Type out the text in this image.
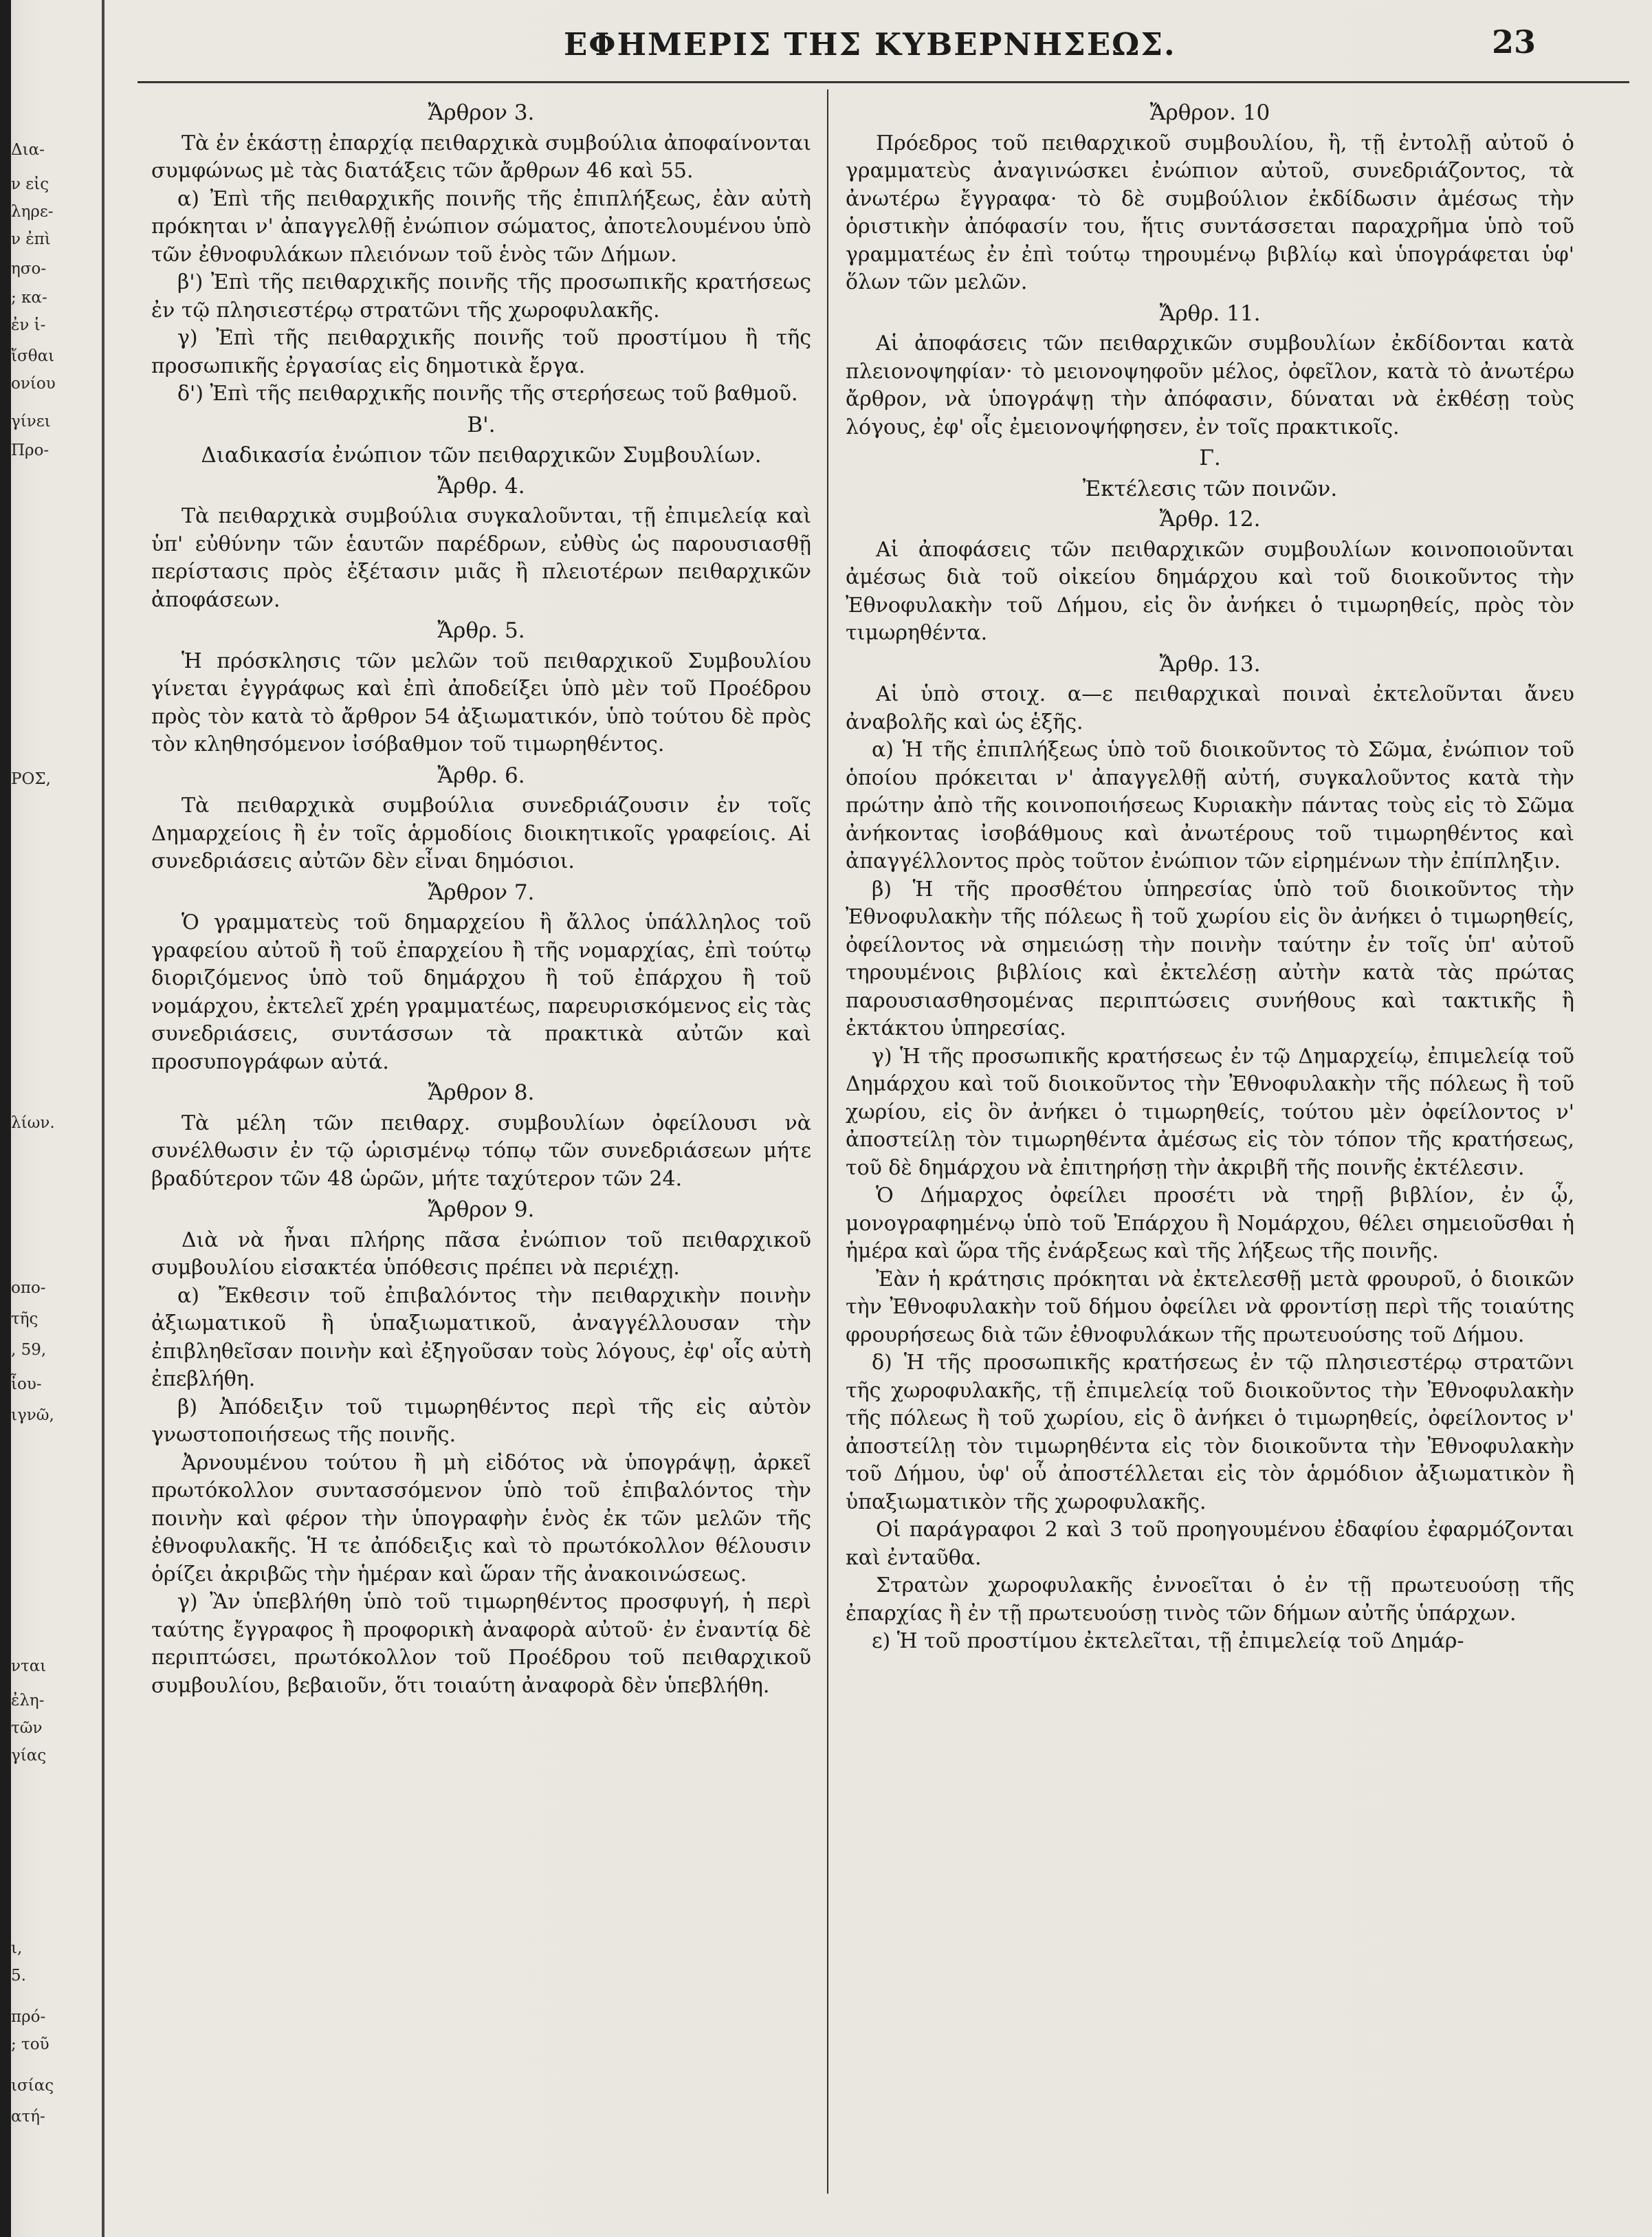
Δια-
ν εἰς
ληρε-
ν ἐπὶ
ησο-
; κα-
ἐν ἱ-
ἴσθαι
ονίου
γίνει
Προ-
ΡΟΣ,
λίων.
οπο-
τῆς
, 59,
ἶου-
ιγνῶ,
νται
ἐλη-
τῶν
γίας
ι,
5.
πρό-
; τοῦ
ισίας
ατή-
ΕΦΗΜΕΡΙΣ ΤΗΣ ΚΥΒΕΡΝΗΣΕΩΣ.	23
Ἄρθρον 3.

Τὰ ἐν ἑκάστῃ ἐπαρχίᾳ πειθαρχικὰ συμβούλια ἀποφαίνονται συμφώνως μὲ τὰς διατάξεις τῶν ἄρθρων 46 καὶ 55.

α) Ἐπὶ τῆς πειθαρχικῆς ποινῆς τῆς ἐπιπλήξεως, ἐὰν αὐτὴ πρόκηται ν' ἀπαγγελθῇ ἐνώπιον σώματος, ἀποτελουμένου ὑπὸ τῶν ἐθνοφυλάκων πλειόνων τοῦ ἑνὸς τῶν Δήμων.

β') Ἐπὶ τῆς πειθαρχικῆς ποινῆς τῆς προσωπικῆς κρατήσεως ἐν τῷ πλησιεστέρῳ στρατῶνι τῆς χωροφυλακῆς.

γ) Ἐπὶ τῆς πειθαρχικῆς ποινῆς τοῦ προστίμου ἢ τῆς προσωπικῆς ἐργασίας εἰς δημοτικὰ ἔργα.

δ') Ἐπὶ τῆς πειθαρχικῆς ποινῆς τῆς στερήσεως τοῦ βαθμοῦ.

Β'.
Διαδικασία ἐνώπιον τῶν πειθαρχικῶν Συμβουλίων.
Ἄρθρ. 4.

Τὰ πειθαρχικὰ συμβούλια συγκαλοῦνται, τῇ ἐπιμελείᾳ καὶ ὑπ' εὐθύνην τῶν ἑαυτῶν παρέδρων, εὐθὺς ὡς παρουσιασθῇ περίστασις πρὸς ἐξέτασιν μιᾶς ἢ πλειοτέρων πειθαρχικῶν ἀποφάσεων.

Ἄρθρ. 5.

Ἡ πρόσκλησις τῶν μελῶν τοῦ πειθαρχικοῦ Συμβουλίου γίνεται ἐγγράφως καὶ ἐπὶ ἀποδείξει ὑπὸ μὲν τοῦ Προέδρου πρὸς τὸν κατὰ τὸ ἄρθρον 54 ἀξιωματικόν, ὑπὸ τούτου δὲ πρὸς τὸν κληθησόμενον ἰσόβαθμον τοῦ τιμωρηθέντος.

Ἄρθρ. 6.

Τὰ πειθαρχικὰ συμβούλια συνεδριάζουσιν ἐν τοῖς Δημαρχείοις ἢ ἐν τοῖς ἁρμοδίοις διοικητικοῖς γραφείοις. Αἱ συνεδριάσεις αὐτῶν δὲν εἶναι δημόσιοι.

Ἄρθρον 7.

Ὁ γραμματεὺς τοῦ δημαρχείου ἢ ἄλλος ὑπάλληλος τοῦ γραφείου αὐτοῦ ἢ τοῦ ἐπαρχείου ἢ τῆς νομαρχίας, ἐπὶ τούτῳ διοριζόμενος ὑπὸ τοῦ δημάρχου ἢ τοῦ ἐπάρχου ἢ τοῦ νομάρχου, ἐκτελεῖ χρέη γραμματέως, παρευρισκόμενος εἰς τὰς συνεδριάσεις, συντάσσων τὰ πρακτικὰ αὐτῶν καὶ προσυπογράφων αὐτά.

Ἄρθρον 8.

Τὰ μέλη τῶν πειθαρχ. συμβουλίων ὀφείλουσι νὰ συνέλθωσιν ἐν τῷ ὡρισμένῳ τόπῳ τῶν συνεδριάσεων μήτε βραδύτερον τῶν 48 ὡρῶν, μήτε ταχύτερον τῶν 24.

Ἄρθρον 9.

Διὰ νὰ ἦναι πλήρης πᾶσα ἐνώπιον τοῦ πειθαρχικοῦ συμβουλίου εἰσακτέα ὑπόθεσις πρέπει νὰ περιέχῃ.

α) Ἔκθεσιν τοῦ ἐπιβαλόντος τὴν πειθαρχικὴν ποινὴν ἀξιωματικοῦ ἢ ὑπαξιωματικοῦ, ἀναγγέλλουσαν τὴν ἐπιβληθεῖσαν ποινὴν καὶ ἐξηγοῦσαν τοὺς λόγους, ἐφ' οἷς αὐτὴ ἐπεβλήθη.

β) Ἀπόδειξιν τοῦ τιμωρηθέντος περὶ τῆς εἰς αὐτὸν γνωστοποιήσεως τῆς ποινῆς.

Ἀρνουμένου τούτου ἢ μὴ εἰδότος νὰ ὑπογράψῃ, ἀρκεῖ πρωτόκολλον συντασσόμενον ὑπὸ τοῦ ἐπιβαλόντος τὴν ποινὴν καὶ φέρον τὴν ὑπογραφὴν ἑνὸς ἐκ τῶν μελῶν τῆς ἐθνοφυλακῆς. Ἡ τε ἀπόδειξις καὶ τὸ πρωτόκολλον θέλουσιν ὁρίζει ἀκριβῶς τὴν ἡμέραν καὶ ὥραν τῆς ἀνακοινώσεως.

γ) Ἂν ὑπεβλήθη ὑπὸ τοῦ τιμωρηθέντος προσφυγή, ἡ περὶ ταύτης ἔγγραφος ἢ προφορικὴ ἀναφορὰ αὐτοῦ· ἐν ἐναντίᾳ δὲ περιπτώσει, πρωτόκολλον τοῦ Προέδρου τοῦ πειθαρχικοῦ συμβουλίου, βεβαιοῦν, ὅτι τοιαύτη ἀναφορὰ δὲν ὑπεβλήθη.

Ἄρθρον. 10

Πρόεδρος τοῦ πειθαρχικοῦ συμβουλίου, ἢ, τῇ ἐντολῇ αὐτοῦ ὁ γραμματεὺς ἀναγινώσκει ἐνώπιον αὐτοῦ, συνεδριάζοντος, τὰ ἀνωτέρω ἔγγραφα· τὸ δὲ συμβούλιον ἐκδίδωσιν ἀμέσως τὴν ὁριστικὴν ἀπόφασίν του, ἥτις συντάσσεται παραχρῆμα ὑπὸ τοῦ γραμματέως ἐν ἐπὶ τούτῳ τηρουμένῳ βιβλίῳ καὶ ὑπογράφεται ὑφ' ὅλων τῶν μελῶν.

Ἄρθρ. 11.

Αἱ ἀποφάσεις τῶν πειθαρχικῶν συμβουλίων ἐκδίδονται κατὰ πλειονοψηφίαν· τὸ μειονοψηφοῦν μέλος, ὀφεῖλον, κατὰ τὸ ἀνωτέρω ἄρθρον, νὰ ὑπογράψῃ τὴν ἀπόφασιν, δύναται νὰ ἐκθέσῃ τοὺς λόγους, ἐφ' οἷς ἐμειονοψήφησεν, ἐν τοῖς πρακτικοῖς.

Γ.
Ἐκτέλεσις τῶν ποινῶν.
Ἄρθρ. 12.

Αἱ ἀποφάσεις τῶν πειθαρχικῶν συμβουλίων κοινοποιοῦνται ἀμέσως διὰ τοῦ οἰκείου δημάρχου καὶ τοῦ διοικοῦντος τὴν Ἐθνοφυλακὴν τοῦ Δήμου, εἰς ὃν ἀνήκει ὁ τιμωρηθείς, πρὸς τὸν τιμωρηθέντα.

Ἄρθρ. 13.

Αἱ ὑπὸ στοιχ. α—ε πειθαρχικαὶ ποιναὶ ἐκτελοῦνται ἄνευ ἀναβολῆς καὶ ὡς ἑξῆς.

α) Ἡ τῆς ἐπιπλήξεως ὑπὸ τοῦ διοικοῦντος τὸ Σῶμα, ἐνώπιον τοῦ ὁποίου πρόκειται ν' ἀπαγγελθῇ αὐτή, συγκαλοῦντος κατὰ τὴν πρώτην ἀπὸ τῆς κοινοποιήσεως Κυριακὴν πάντας τοὺς εἰς τὸ Σῶμα ἀνήκοντας ἰσοβάθμους καὶ ἀνωτέρους τοῦ τιμωρηθέντος καὶ ἀπαγγέλλοντος πρὸς τοῦτον ἐνώπιον τῶν εἰρημένων τὴν ἐπίπληξιν.

β) Ἡ τῆς προσθέτου ὑπηρεσίας ὑπὸ τοῦ διοικοῦντος τὴν Ἐθνοφυλακὴν τῆς πόλεως ἢ τοῦ χωρίου εἰς ὃν ἀνήκει ὁ τιμωρηθείς, ὀφείλοντος νὰ σημειώσῃ τὴν ποινὴν ταύτην ἐν τοῖς ὑπ' αὐτοῦ τηρουμένοις βιβλίοις καὶ ἐκτελέσῃ αὐτὴν κατὰ τὰς πρώτας παρουσιασθησομένας περιπτώσεις συνήθους καὶ τακτικῆς ἢ ἐκτάκτου ὑπηρεσίας.

γ) Ἡ τῆς προσωπικῆς κρατήσεως ἐν τῷ Δημαρχείῳ, ἐπιμελείᾳ τοῦ Δημάρχου καὶ τοῦ διοικοῦντος τὴν Ἐθνοφυλακὴν τῆς πόλεως ἢ τοῦ χωρίου, εἰς ὃν ἀνήκει ὁ τιμωρηθείς, τούτου μὲν ὀφείλοντος ν' ἀποστείλῃ τὸν τιμωρηθέντα ἀμέσως εἰς τὸν τόπον τῆς κρατήσεως, τοῦ δὲ δημάρχου νὰ ἐπιτηρήσῃ τὴν ἀκριβῆ τῆς ποινῆς ἐκτέλεσιν.

Ὁ Δήμαρχος ὀφείλει προσέτι νὰ τηρῇ βιβλίον, ἐν ᾧ, μονογραφημένῳ ὑπὸ τοῦ Ἐπάρχου ἢ Νομάρχου, θέλει σημειοῦσθαι ἡ ἡμέρα καὶ ὥρα τῆς ἐνάρξεως καὶ τῆς λήξεως τῆς ποινῆς.

Ἐὰν ἡ κράτησις πρόκηται νὰ ἐκτελεσθῇ μετὰ φρουροῦ, ὁ διοικῶν τὴν Ἐθνοφυλακὴν τοῦ δήμου ὀφείλει νὰ φροντίσῃ περὶ τῆς τοιαύτης φρουρήσεως διὰ τῶν ἐθνοφυλάκων τῆς πρωτευούσης τοῦ Δήμου.

δ) Ἡ τῆς προσωπικῆς κρατήσεως ἐν τῷ πλησιεστέρῳ στρατῶνι τῆς χωροφυλακῆς, τῇ ἐπιμελείᾳ τοῦ διοικοῦντος τὴν Ἐθνοφυλακὴν τῆς πόλεως ἢ τοῦ χωρίου, εἰς ὃ ἀνήκει ὁ τιμωρηθείς, ὀφείλοντος ν' ἀποστείλῃ τὸν τιμωρηθέντα εἰς τὸν διοικοῦντα τὴν Ἐθνοφυλακὴν τοῦ Δήμου, ὑφ' οὗ ἀποστέλλεται εἰς τὸν ἁρμόδιον ἀξιωματικὸν ἢ ὑπαξιωματικὸν τῆς χωροφυλακῆς.

Οἱ παράγραφοι 2 καὶ 3 τοῦ προηγουμένου ἐδαφίου ἐφαρμόζονται καὶ ἐνταῦθα.

Στρατὼν χωροφυλακῆς ἐννοεῖται ὁ ἐν τῇ πρωτευούσῃ τῆς ἐπαρχίας ἢ ἐν τῇ πρωτευούσῃ τινὸς τῶν δήμων αὐτῆς ὑπάρχων.

ε) Ἡ τοῦ προστίμου ἐκτελεῖται, τῇ ἐπιμελείᾳ τοῦ Δημάρ-
